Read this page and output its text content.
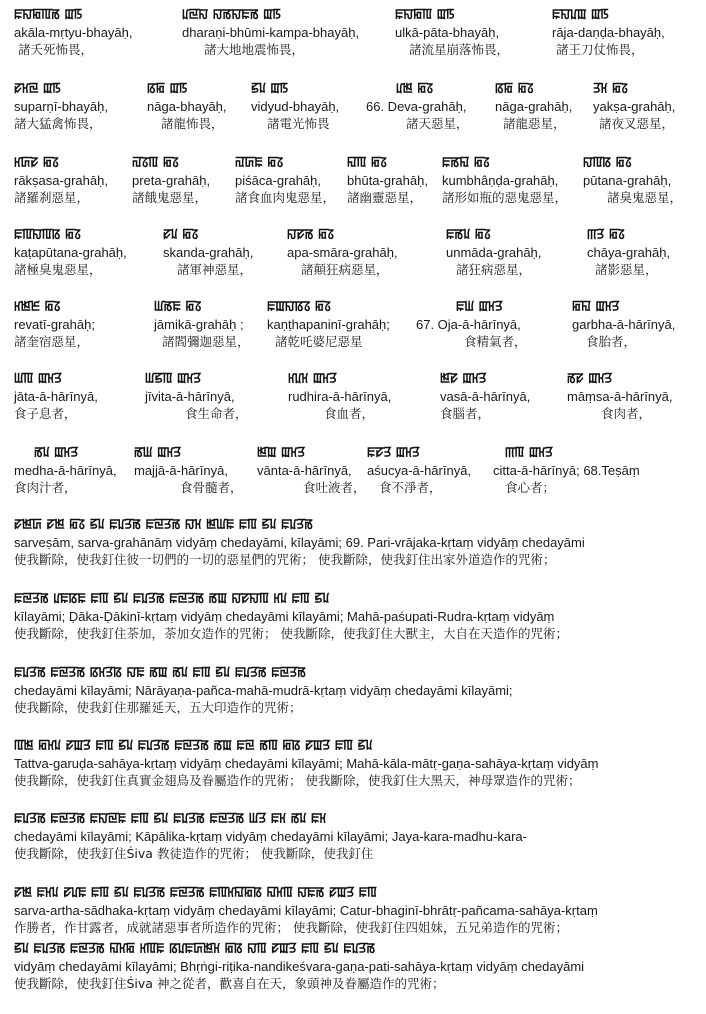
ꡀꡍꡂꡄꡏ ꡉꡑ
akāla-mṛtyu-bhayāḥ,
諸夭死怖畏，
ꡊꡙꡍ ꡍꡏꡍꡀꡏ ꡉꡑ
dharaṇi-bhūmi-kampa-bhayāḥ,
諸大地地震怖畏，
ꡀꡍꡂꡄ ꡉꡑ
ulkā-pāta-bhayāḥ,
諸流星崩落怖畏，
ꡀꡍꡊꡉ ꡉꡑ
rāja-daṇḍa-bhayāḥ,
諸王刀仗怖畏，
ꡛꡘꡙ ꡉꡑ
suparṇī-bhayāḥ,
諸大猛禽怖畏，
ꡋꡂ ꡉꡑ
nāga-bhayāḥ,
諸龍怖畏，
ꡝꡊ ꡉꡑ
vidyud-bhayāḥ,
諸電光怖畏
ꡊꡓ ꡂꡞ
66. Deva-grahāḥ,
諸天惡星，
ꡋꡂ ꡂꡞ
nāga-grahāḥ,
諸龍惡星，
ꡗꡘ ꡂꡞ
yakṣa-grahāḥ,
諸夜叉惡星，
ꡘꡚꡛ ꡂꡞ
rākṣasa-grahāḥ,
諸羅刹惡星，
ꡌꡞꡄ ꡂꡞ
preta-grahāḥ,
諸餓鬼惡星，
ꡌꡚꡀ ꡂꡞ
piśāca-grahāḥ,
諸食血肉鬼惡星，
ꡎꡄ ꡂꡞ
bhūta-grahāḥ,
諸幽靈惡星，
ꡀꡏꡎ ꡂꡞ
kumbhâṇḍa-grahāḥ,
諸形如瓶的惡鬼惡星，
ꡍꡄꡋ ꡂꡞ
pūtana-grahāḥ,
諸臭鬼惡星，
ꡀꡄꡍꡄꡋ ꡂꡞ
kaṭapūtana-grahāḥ,
諸極臭鬼惡星，
ꡛꡊ ꡂꡞ
skanda-grahāḥ,
諸軍神惡星，
ꡍꡛꡏ ꡂꡞ
apa-smāra-grahāḥ,
諸顛狂病惡星，
ꡀꡏꡊ ꡂꡞ
unmāda-grahāḥ,
諸狂病惡星，
ꡕꡗ ꡂꡞ
chāya-grahāḥ,
諸影惡星，
ꡘꡓꡈ ꡂꡞ
revatī-grahāḥ;
諸奎宿惡星，
ꡆꡏꡀ ꡂꡞ
jāmikā-grahāḥ ;
諸閻彌迦惡星，
ꡀꡉꡍꡋꡞ ꡂꡞ
kaṇṭhapaninī-grahāḥ;
諸乾吒婆尼惡星
ꡀꡆ ꡉꡘꡗ
67. Oja-ā-hārīnyā,
食精氣者，
ꡂꡎ ꡉꡘꡗ
garbha-ā-hārīnyā,
食胎者，
ꡆꡄ ꡉꡘꡗ
jāta-ā-hārīnyā,
食子息者，
ꡆꡝꡄ ꡉꡘꡗ
jīvita-ā-hārīnyā,
食生命者，
ꡘꡊꡘ ꡉꡘꡗ
rudhira-ā-hārīnyā,
食血者，
ꡓꡛ ꡉꡘꡗ
vasā-ā-hārīnyā,
食腦者，
ꡏꡛ ꡉꡘꡗ
māṃsa-ā-hārīnyā,
食肉者，
ꡏꡊ ꡉꡘꡗ
medha-ā-hārīnyā,
食肉汁者，
ꡏꡆ ꡉꡘꡗ
majjā-ā-hārīnyā,
食骨髓者，
ꡓꡉ ꡉꡘꡗ
vānta-ā-hārīnyā,
食吐液者，
ꡀꡛꡗ ꡉꡘꡗ
aśucya-ā-hārīnyā,
食不淨者，
ꡕꡄ ꡉꡘꡗ
citta-ā-hārīnyā; 68.Teṣāṃ
食心者；
ꡛꡓꡚ ꡛꡓ ꡂꡞ ꡝꡊ ꡀꡊꡗꡏ ꡀꡙꡗꡏ ꡍꡘ ꡓꡆꡀ ꡀꡄ ꡝꡊ ꡀꡊꡗꡏ
sarveṣām, sarva-grahānāṃ vidyāṃ chedayāmi, kīlayāmi; 69. Pari-vrājaka-kṛtaṃ vidyāṃ chedayāmi
使我斷除，使我釘住彼一切們的一切的惡星們的咒術； 使我斷除，使我釘住出家外道造作的咒術；
ꡀꡙꡗꡏ ꡊꡀꡋꡀ ꡀꡄ ꡝꡊ ꡀꡊꡗꡏ ꡀꡙꡗꡏ ꡏꡉ ꡍꡛꡍꡄ ꡘꡊ ꡀꡄ ꡝꡊ
kīlayāmi; Ḍāka-Ḍākinī-kṛtaṃ vidyāṃ chedayāmi kīlayāmi; Mahā-paśupati-Rudra-kṛtaṃ vidyāṃ
使我斷除，使我釘住荼加，荼加女造作的咒術； 使我斷除，使我釘住大獸主，大自在天造作的咒術；
ꡀꡊꡗꡏ ꡀꡙꡗꡏ ꡋꡘꡗꡋ ꡍꡀ ꡏꡉ ꡏꡊ ꡀꡄ ꡝꡊ ꡀꡊꡗꡏ ꡀꡙꡗꡏ
chedayāmi kīlayāmi; Nārāyaṇa-pañca-mahā-mudrā-kṛtaṃ vidyāṃ chedayāmi kīlayāmi;
使我斷除，使我釘住那羅延天，五大印造作的咒術；
ꡄꡓ ꡂꡘꡊ ꡛꡉꡗ ꡀꡄ ꡝꡊ ꡀꡊꡗꡏ ꡀꡙꡗꡏ ꡏꡉ ꡀꡙ ꡏꡄ ꡂꡋ ꡛꡉꡗ ꡀꡄ ꡝꡊ
Tattva-garuḍa-sahāya-kṛtaṃ vidyāṃ chedayāmi kīlayāmi; Mahā-kāla-mātṛ-gaṇa-sahāya-kṛtaṃ vidyāṃ
使我斷除，使我釘住真實金翅鳥及眷屬造作的咒術； 使我斷除，使我釘住大黑天，神母眾造作的咒術；
ꡀꡊꡗꡏ ꡀꡙꡗꡏ ꡀꡍꡙꡀ ꡀꡄ ꡝꡊ ꡀꡊꡗꡏ ꡀꡙꡗꡏ ꡆꡗ ꡀꡘ ꡏꡊ ꡀꡘ
chedayāmi kīlayāmi; Kāpālika-kṛtaṃ vidyāṃ chedayāmi kīlayāmi; Jaya-kara-madhu-kara-
使我斷除，使我釘住Śiva 教徒造作的咒術； 使我斷除，使我釘住
ꡛꡓ ꡀꡘꡊ ꡛꡊꡀ ꡀꡄ ꡝꡊ ꡀꡊꡗꡏ ꡀꡙꡗꡏ ꡀꡄꡘꡎꡂꡋ ꡎꡘꡄ ꡍꡀꡏ ꡛꡉꡗ ꡀꡄ
sarva-artha-sādhaka-kṛtaṃ vidyāṃ chedayāmi kīlayāmi; Catur-bhaginī-bhrātṛ-pañcama-sahāya-kṛtaṃ
作勝者，作甘露者，成就諸惡事者所造作的咒術； 使我斷除，使我釘住四姐妹，五兄弟造作的咒術；
ꡝꡊ ꡀꡊꡗꡏ ꡀꡙꡗꡏ ꡎꡘꡂ ꡘꡄꡀ ꡋꡊꡀꡚꡓꡘ ꡂꡋ ꡍꡄ ꡛꡉꡗ ꡀꡄ ꡝꡊ ꡀꡊꡗꡏ
vidyāṃ chedayāmi kīlayāmi; Bhṛṅgi-riṭika-nandikeśvara-gaṇa-pati-sahāya-kṛtaṃ vidyāṃ chedayāmi
使我斷除，使我釘住Śiva 神之從者，歡喜自在天，象頭神及眷屬造作的咒術；
